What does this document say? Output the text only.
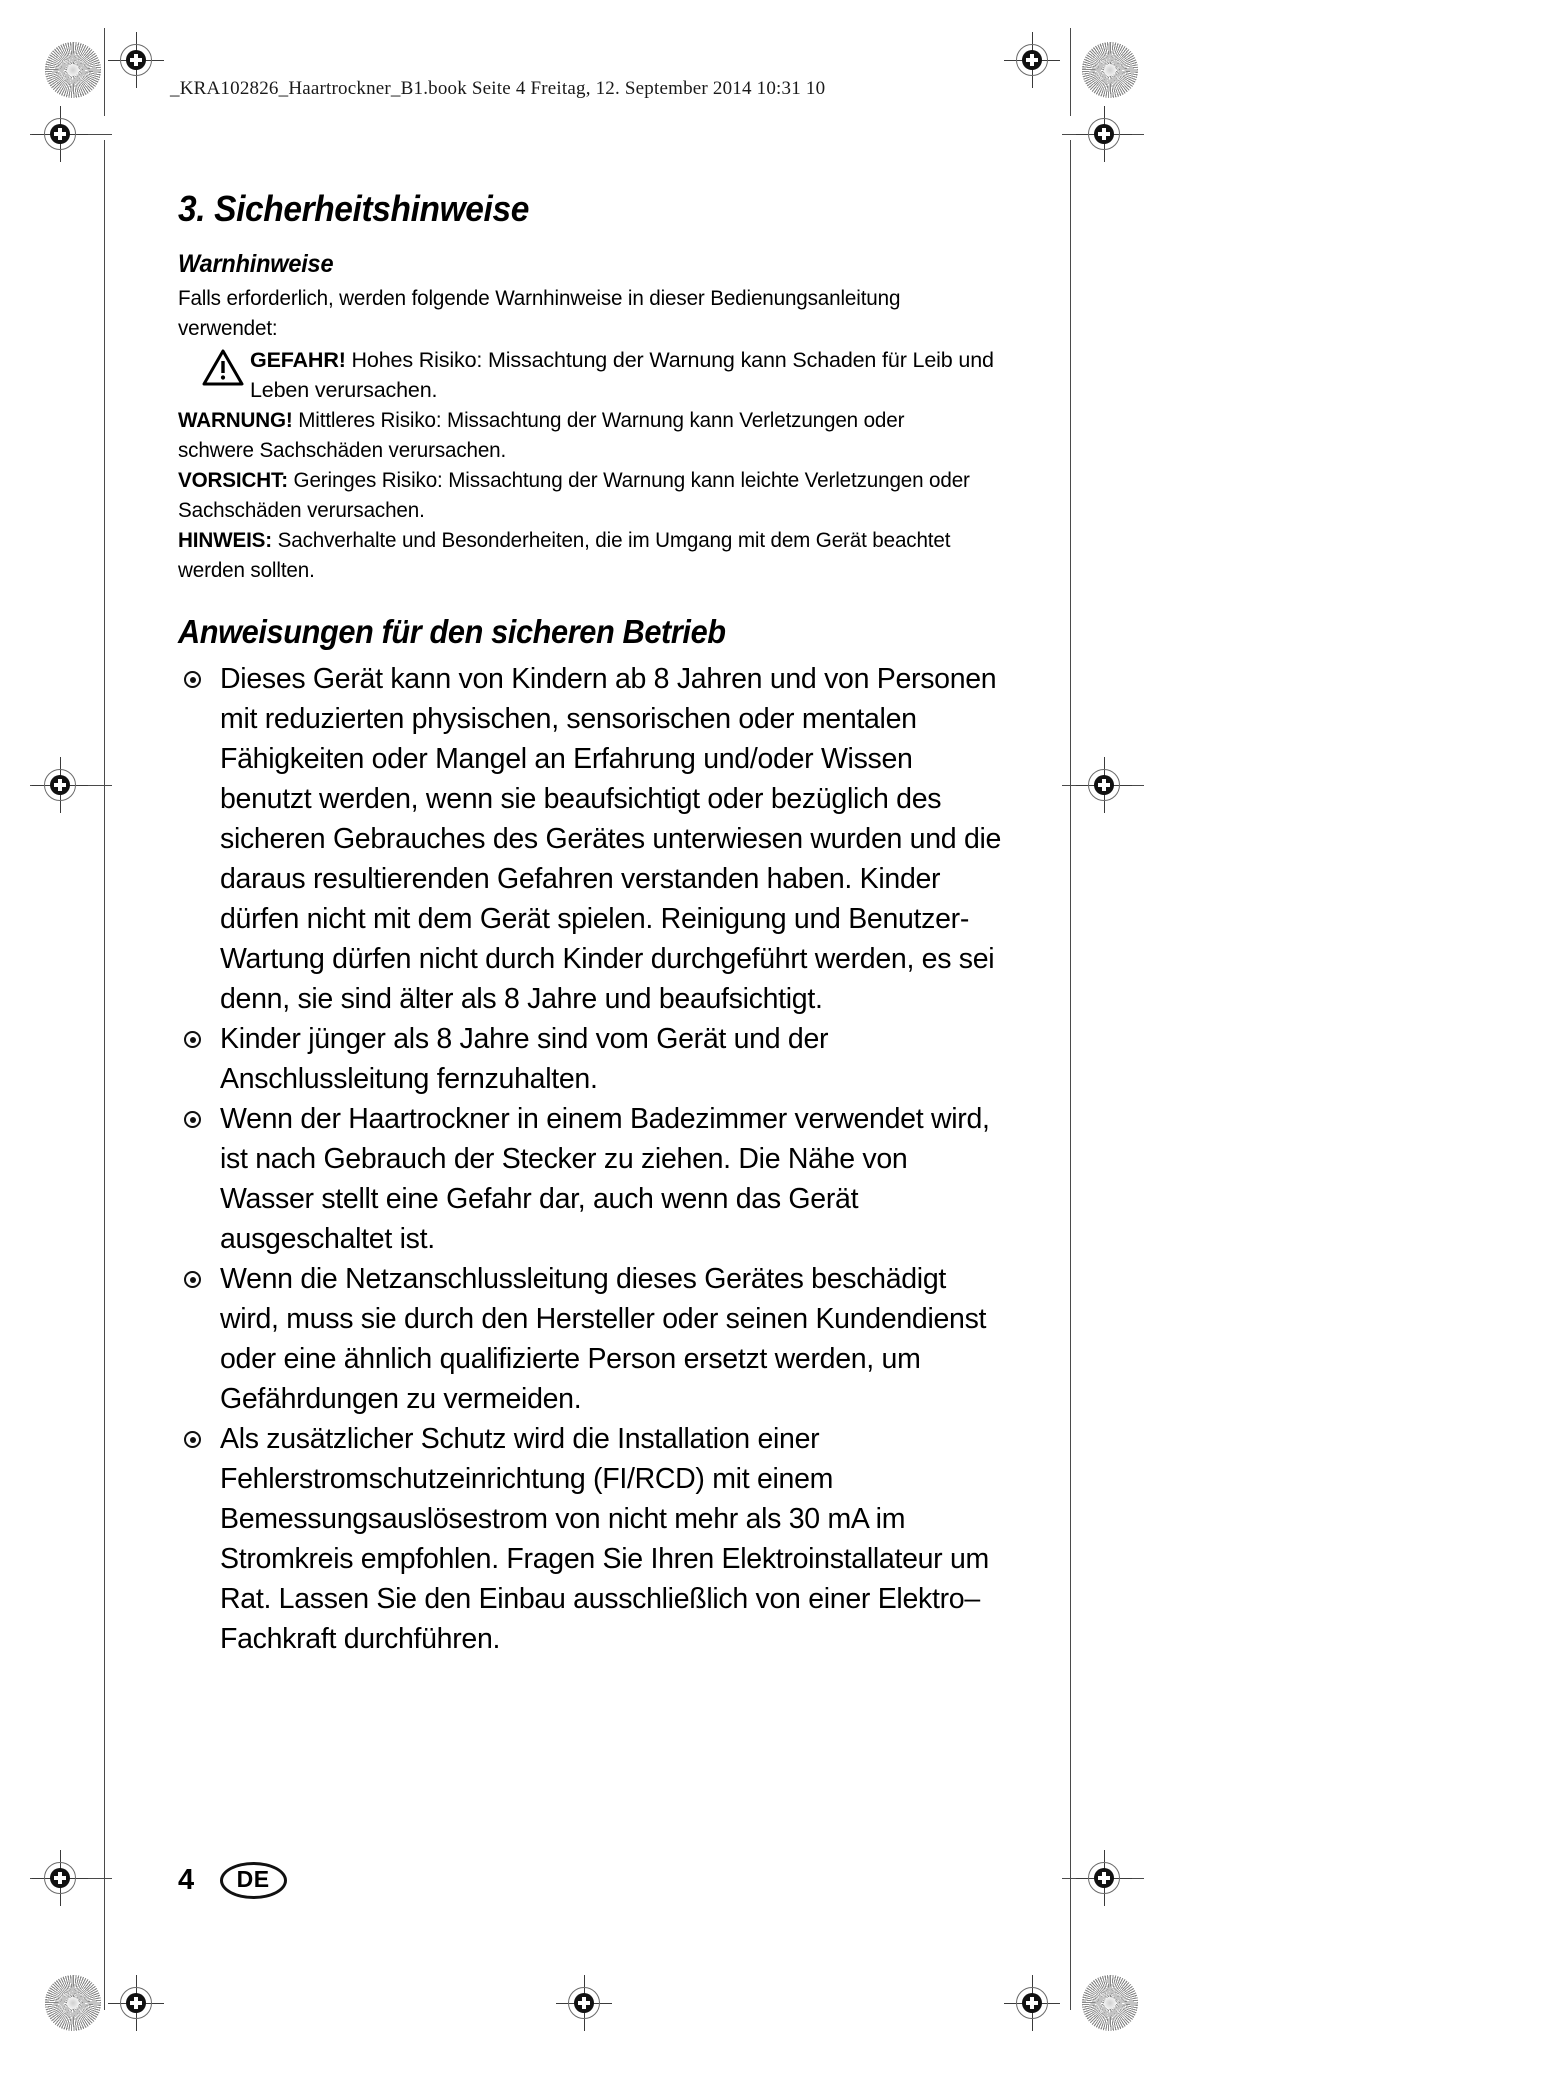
_KRA102826_Haartrockner_B1.book Seite 4 Freitag, 12. September 2014 10:31 10
3. Sicherheitshinweise
Warnhinweise

Falls erforderlich, werden folgende Warnhinweise in dieser Bedienungsanleitung verwendet:

GEFAHR! Hohes Risiko: Missachtung der Warnung kann Schaden für Leib und Leben verursachen.

WARNUNG! Mittleres Risiko: Missachtung der Warnung kann Verletzungen oder schwere Sachschäden verursachen.

VORSICHT: Geringes Risiko: Missachtung der Warnung kann leichte Verletzungen oder Sachschäden verursachen.

HINWEIS: Sachverhalte und Besonderheiten, die im Umgang mit dem Gerät beachtet werden sollten.

Anweisungen für den sicheren Betrieb
Dieses Gerät kann von Kindern ab 8 Jahren und von Personen mit reduzierten physischen, sensorischen oder mentalen Fähigkeiten oder Mangel an Erfahrung und/oder Wissen benutzt werden, wenn sie beaufsichtigt oder bezüglich des sicheren Gebrauches des Gerätes unterwiesen wurden und die daraus resultierenden Gefahren verstanden haben. Kinder dürfen nicht mit dem Gerät spielen. Reinigung und Benutzer-Wartung dürfen nicht durch Kinder durchgeführt werden, es sei denn, sie sind älter als 8 Jahre und beaufsichtigt.
Kinder jünger als 8 Jahre sind vom Gerät und der Anschlussleitung fernzuhalten.
Wenn der Haartrockner in einem Badezimmer verwendet wird, ist nach Gebrauch der Stecker zu ziehen. Die Nähe von Wasser stellt eine Gefahr dar, auch wenn das Gerät ausgeschaltet ist.
Wenn die Netzanschlussleitung dieses Gerätes beschädigt wird, muss sie durch den Hersteller oder seinen Kundendienst oder eine ähnlich qualifizierte Person ersetzt werden, um Gefährdungen zu vermeiden.
Als zusätzlicher Schutz wird die Installation einer Fehlerstromschutzeinrichtung (FI/RCD) mit einem Bemessungsauslösestrom von nicht mehr als 30 mA im Stromkreis empfohlen. Fragen Sie Ihren Elektroinstallateur um Rat. Lassen Sie den Einbau ausschließlich von einer Elektro–Fachkraft durchführen.
4	DE
